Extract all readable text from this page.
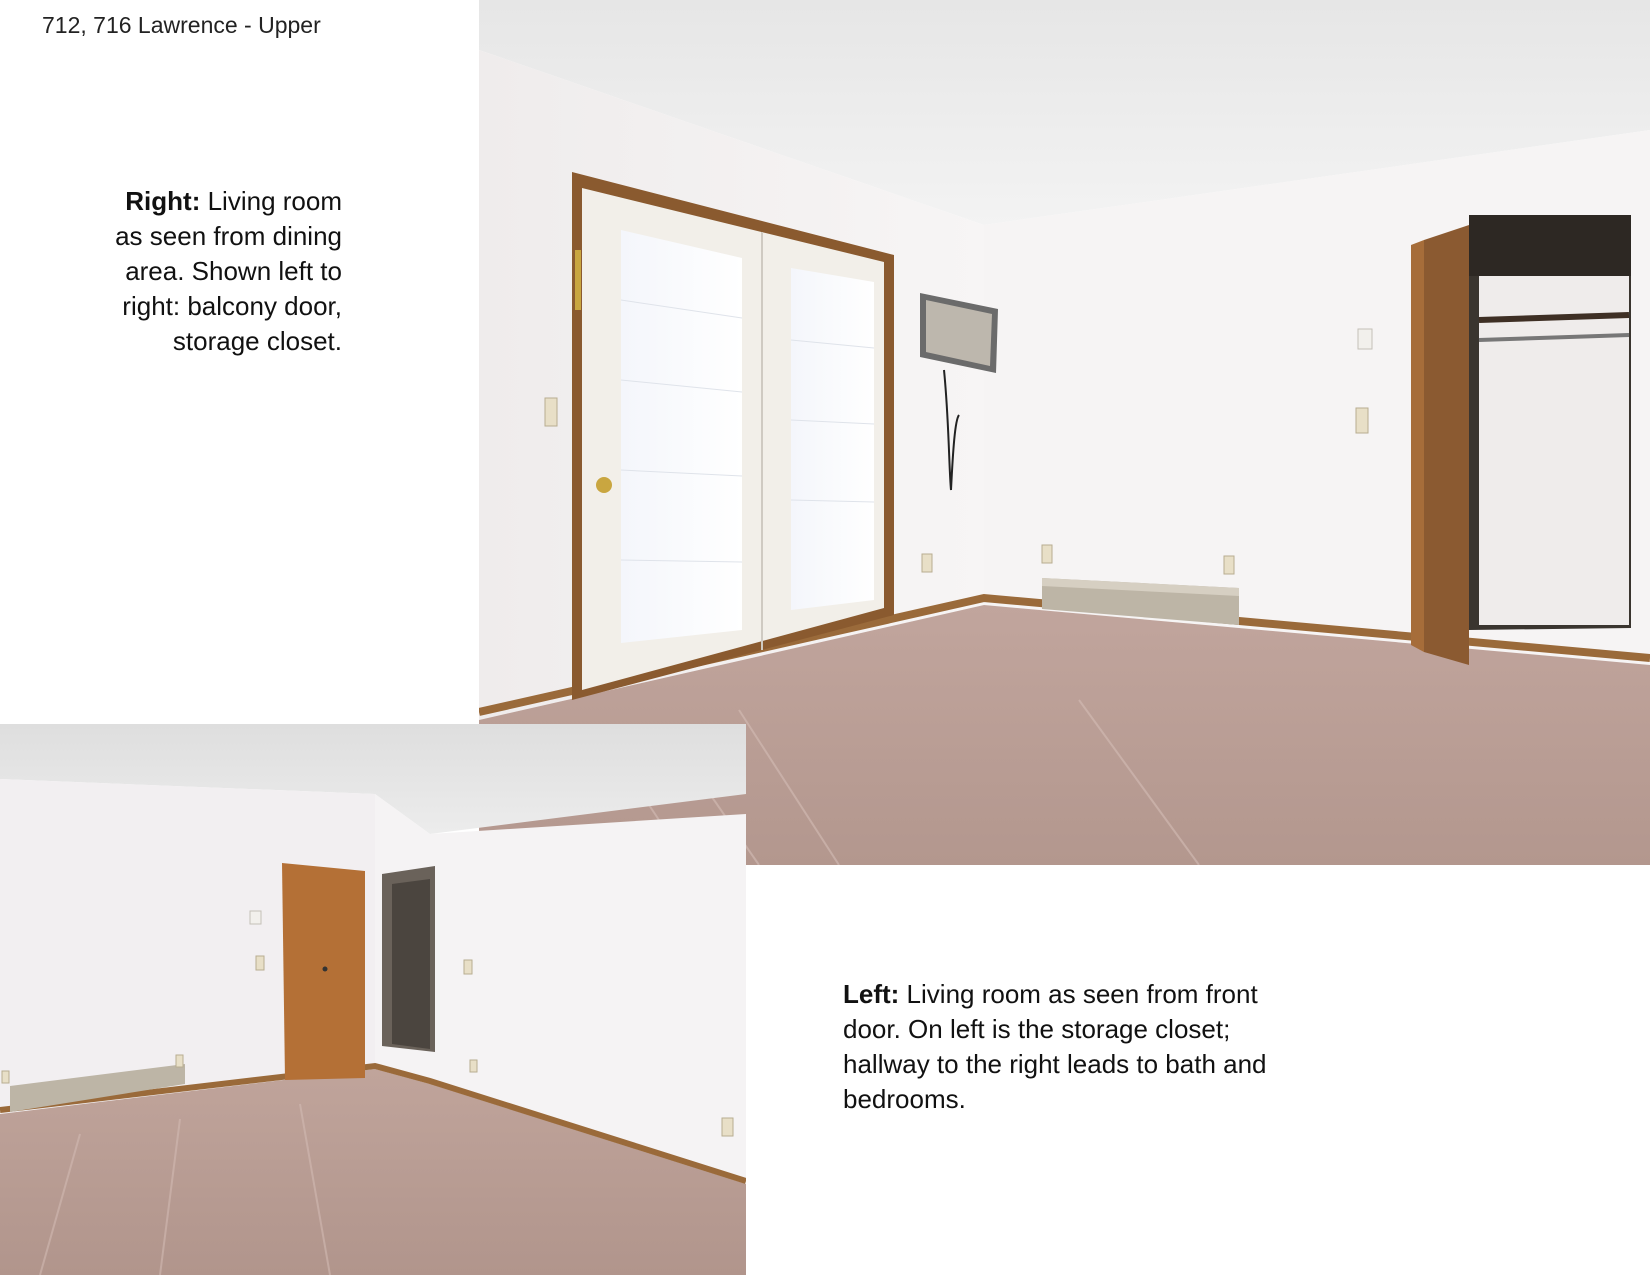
712, 716 Lawrence - Upper
Right: Living room as seen from dining area. Shown left to right: balcony door, storage closet.
Left: Living room as seen from front door. On left is the storage closet; hallway to the right leads to bath and bedrooms.
